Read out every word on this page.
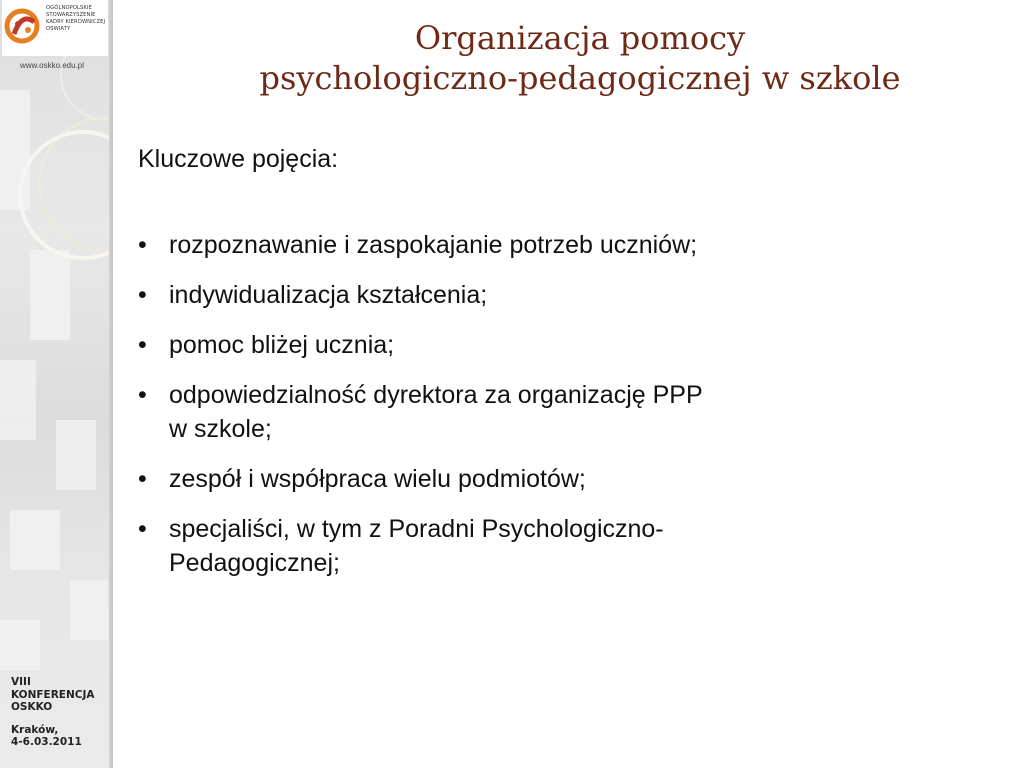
OGÓLNOPOLSKIE STOWARZYSZENIE KADRY KIEROWNICZEJ OŚWIATY
www.oskko.edu.pl
VIII
KONFERENCJA
OSKKO
Kraków,
4-6.03.2011
Organizacja pomocy
psychologiczno-pedagogicznej w szkole
Kluczowe pojęcia:
• rozpoznawanie i zaspokajanie potrzeb uczniów;
• indywidualizacja kształcenia;
• pomoc bliżej ucznia;
• odpowiedzialność dyrektora za organizację PPP
w szkole;
• zespół i współpraca wielu podmiotów;
• specjaliści, w tym z Poradni Psychologiczno-
Pedagogicznej;
